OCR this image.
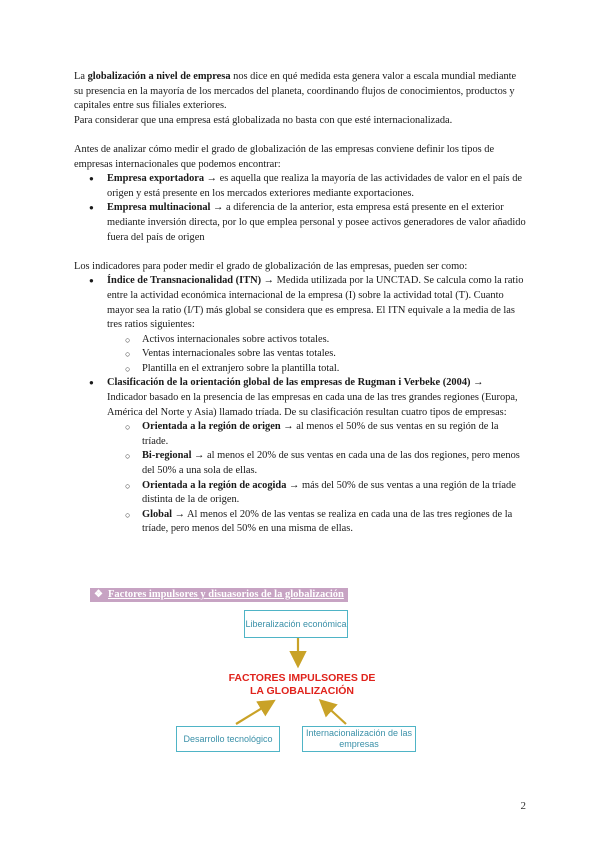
La globalización a nivel de empresa nos dice en qué medida esta genera valor a escala mundial mediante su presencia en la mayoría de los mercados del planeta, coordinando flujos de conocimientos, productos y capitales entre sus filiales exteriores.

Para considerar que una empresa está globalizada no basta con que esté internacionalizada.

Antes de analizar cómo medir el grado de globalización de las empresas conviene definir los tipos de empresas internacionales que podemos encontrar:

● Empresa exportadora → es aquella que realiza la mayoría de las actividades de valor en el país de origen y está presente en los mercados exteriores mediante exportaciones.
● Empresa multinacional → a diferencia de la anterior, esta empresa está presente en el exterior mediante inversión directa, por lo que emplea personal y posee activos generadores de valor añadido fuera del país de origen

Los indicadores para poder medir el grado de globalización de las empresas, pueden ser como:

● Índice de Transnacionalidad (ITN) → Medida utilizada por la UNCTAD. Se calcula como la ratio entre la actividad económica internacional de la empresa (I) sobre la actividad total (T). Cuanto mayor sea la ratio (I/T) más global se considera que es empresa. El ITN equivale a la media de las tres ratios siguientes:
○ Activos internacionales sobre activos totales.
○ Ventas internacionales sobre las ventas totales.
○ Plantilla en el extranjero sobre la plantilla total.
● Clasificación de la orientación global de las empresas de Rugman i Verbeke (2004) →
Indicador basado en la presencia de las empresas en cada una de las tres grandes regiones (Europa, América del Norte y Asia) llamado tríada. De su clasificación resultan cuatro tipos de empresas:
○ Orientada a la región de origen → al menos el 50% de sus ventas en su región de la tríade.
○ Bi-regional → al menos el 20% de sus ventas en cada una de las dos regiones, pero menos del 50% a una sola de ellas.
○ Orientada a la región de acogida → más del 50% de sus ventas a una región de la tríade distinta de la de origen.
○ Global → Al menos el 20% de las ventas se realiza en cada una de las tres regiones de la tríade, pero menos del 50% en una misma de ellas.
❖ Factores impulsores y disuasorios de la globalización
Liberalización económica
FACTORES IMPULSORES DE LA GLOBALIZACIÓN
Desarrollo tecnológico
Internacionalización de las empresas
2
